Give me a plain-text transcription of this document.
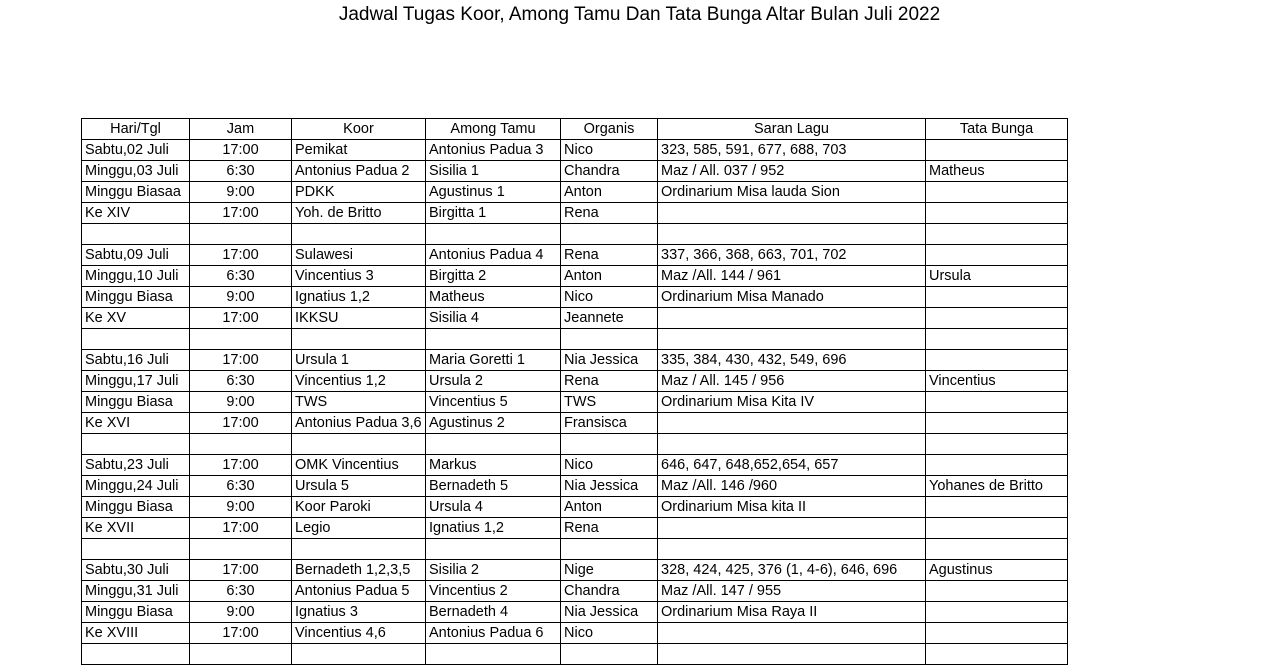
Jadwal Tugas Koor, Among Tamu Dan Tata Bunga Altar Bulan Juli 2022
Hari/Tgl	Jam	Koor	Among Tamu	Organis	Saran Lagu	Tata Bunga
Sabtu,02 Juli	17:00	Pemikat	Antonius Padua 3	Nico	323, 585, 591, 677, 688, 703	
Minggu,03 Juli	6:30	Antonius Padua 2	Sisilia 1	Chandra	Maz / All. 037 / 952	Matheus
Minggu Biasaa	9:00	PDKK	Agustinus 1	Anton	Ordinarium Misa lauda Sion	
Ke XIV	17:00	Yoh. de Britto	Birgitta 1	Rena		

Sabtu,09 Juli	17:00	Sulawesi	Antonius Padua 4	Rena	337, 366, 368, 663, 701, 702	
Minggu,10 Juli	6:30	Vincentius 3	Birgitta 2	Anton	Maz /All. 144 / 961	Ursula
Minggu Biasa	9:00	Ignatius 1,2	Matheus	Nico	Ordinarium Misa Manado	
Ke XV	17:00	IKKSU	Sisilia 4	Jeannete		

Sabtu,16 Juli	17:00	Ursula 1	Maria Goretti 1	Nia Jessica	335, 384, 430, 432, 549, 696	
Minggu,17 Juli	6:30	Vincentius 1,2	Ursula 2	Rena	Maz / All. 145 / 956	Vincentius
Minggu Biasa	9:00	TWS	Vincentius 5	TWS	Ordinarium Misa Kita IV	
Ke XVI	17:00	Antonius Padua 3,6	Agustinus 2	Fransisca		

Sabtu,23 Juli	17:00	OMK Vincentius	Markus	Nico	646, 647, 648,652,654, 657	
Minggu,24 Juli	6:30	Ursula 5	Bernadeth 5	Nia Jessica	Maz /All. 146 /960	Yohanes de Britto
Minggu Biasa	9:00	Koor Paroki	Ursula 4	Anton	Ordinarium Misa kita II	
Ke XVII	17:00	Legio	Ignatius 1,2	Rena		

Sabtu,30 Juli	17:00	Bernadeth 1,2,3,5	Sisilia 2	Nige	328, 424, 425, 376 (1, 4-6), 646, 696	Agustinus
Minggu,31 Juli	6:30	Antonius Padua 5	Vincentius 2	Chandra	Maz /All. 147 / 955	
Minggu Biasa	9:00	Ignatius 3	Bernadeth 4	Nia Jessica	Ordinarium Misa Raya II	
Ke XVIII	17:00	Vincentius 4,6	Antonius Padua 6	Nico		
